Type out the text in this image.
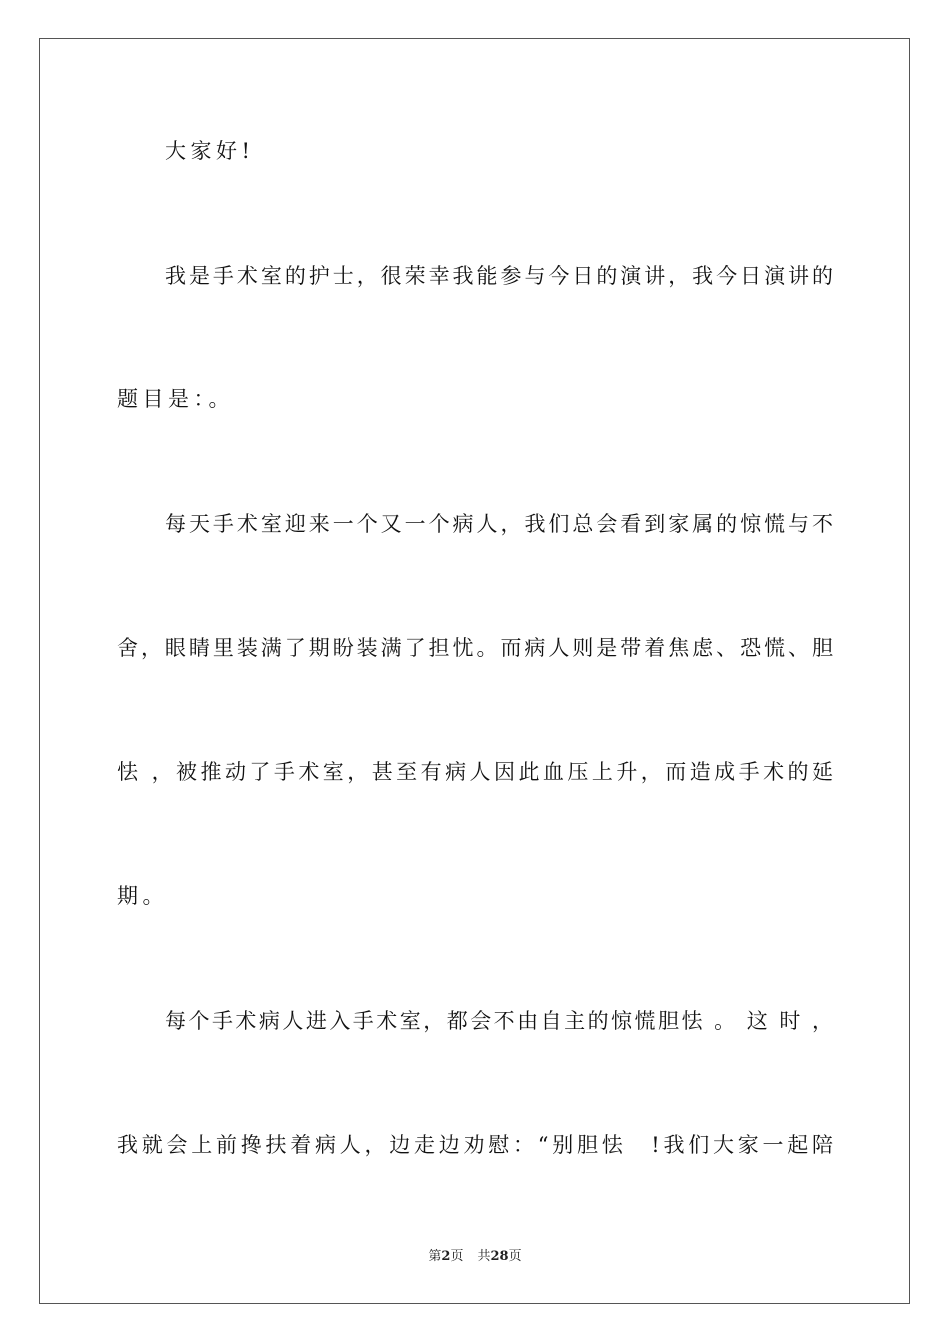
大家好!
我是手术室的护士，很荣幸我能参与今日的演讲，我今日演讲的
题目是：。
每天手术室迎来一个又一个病人，我们总会看到家属的惊慌与不
舍，眼睛里装满了期盼装满了担忧。而病人则是带着焦虑、恐慌、胆
怯 ，被推动了手术室，甚至有病人因此血压上升，而造成手术的延
期。
每个手术病人进入手术室，都会不由自主的惊慌胆怯 。 这 时 ，
我就会上前搀扶着病人，边走边劝慰：“别胆怯　!我们大家一起陪
第2页 共28页
